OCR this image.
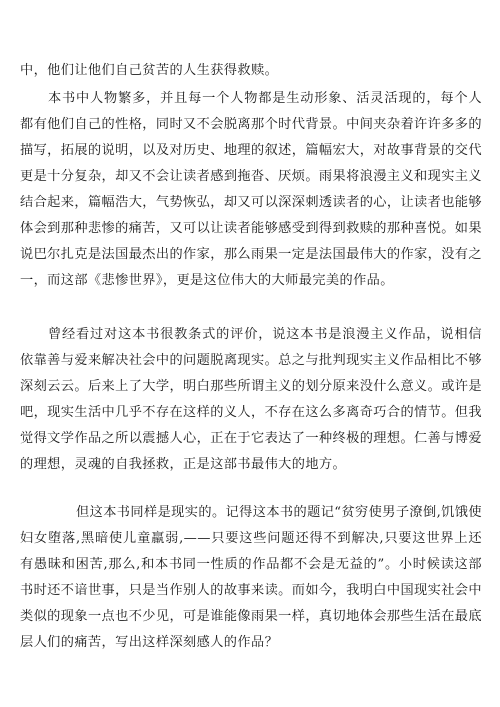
中，他们让他们自己贫苦的人生获得救赎。

本书中人物繁多，并且每一个人物都是生动形象、活灵活现的，每个人都有他们自己的性格，同时又不会脱离那个时代背景。中间夹杂着许许多多的描写，拓展的说明，以及对历史、地理的叙述，篇幅宏大，对故事背景的交代更是十分复杂，却又不会让读者感到拖沓、厌烦。雨果将浪漫主义和现实主义结合起来，篇幅浩大，气势恢弘，却又可以深深刺透读者的心，让读者也能够体会到那种悲惨的痛苦，又可以让读者能够感受到得到救赎的那种喜悦。如果说巴尔扎克是法国最杰出的作家，那么雨果一定是法国最伟大的作家，没有之一，而这部《悲惨世界》，更是这位伟大的大师最完美的作品。

曾经看过对这本书很教条式的评价，说这本书是浪漫主义作品，说相信依靠善与爱来解决社会中的问题脱离现实。总之与批判现实主义作品相比不够深刻云云。后来上了大学，明白那些所谓主义的划分原来没什么意义。或许是吧，现实生活中几乎不存在这样的义人，不存在这么多离奇巧合的情节。但我觉得文学作品之所以震撼人心，正在于它表达了一种终极的理想。仁善与博爱的理想，灵魂的自我拯救，正是这部书最伟大的地方。

但这本书同样是现实的。记得这本书的题记“贫穷使男子潦倒,饥饿使妇女堕落,黑暗使儿童羸弱,——只要这些问题还得不到解决,只要这世界上还有愚昧和困苦,那么,和本书同一性质的作品都不会是无益的”。小时候读这部书时还不谙世事，只是当作别人的故事来读。而如今，我明白中国现实社会中类似的现象一点也不少见，可是谁能像雨果一样，真切地体会那些生活在最底层人们的痛苦，写出这样深刻感人的作品？
